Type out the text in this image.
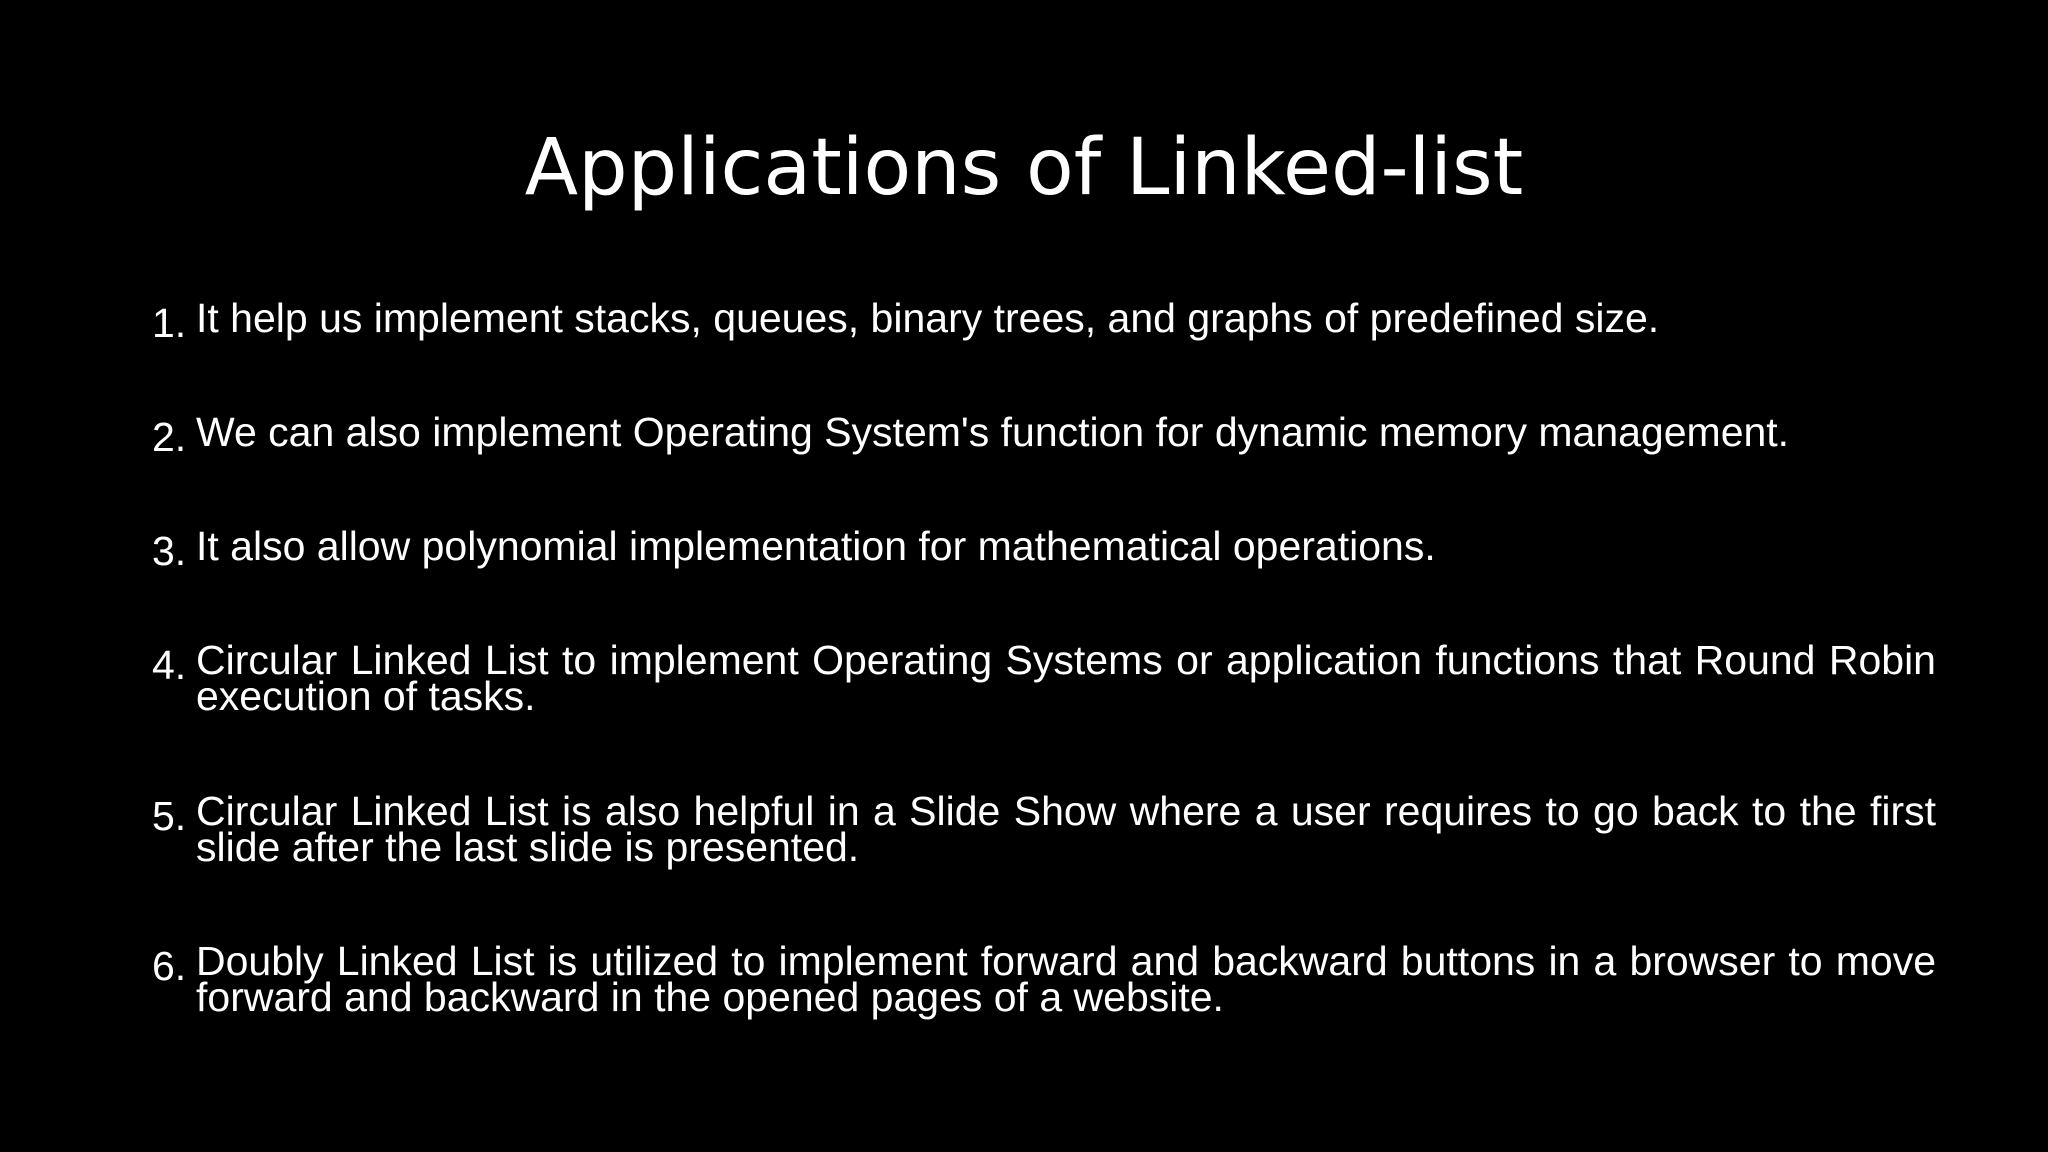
Applications of Linked-list
1. It help us implement stacks, queues, binary trees, and graphs of predefined size.
2. We can also implement Operating System's function for dynamic memory management.
3. It also allow polynomial implementation for mathematical operations.
4. Circular Linked List to implement Operating Systems or application functions that Round Robin execution of tasks.
5. Circular Linked List is also helpful in a Slide Show where a user requires to go back to the first slide after the last slide is presented.
6. Doubly Linked List is utilized to implement forward and backward buttons in a browser to move forward and backward in the opened pages of a website.
